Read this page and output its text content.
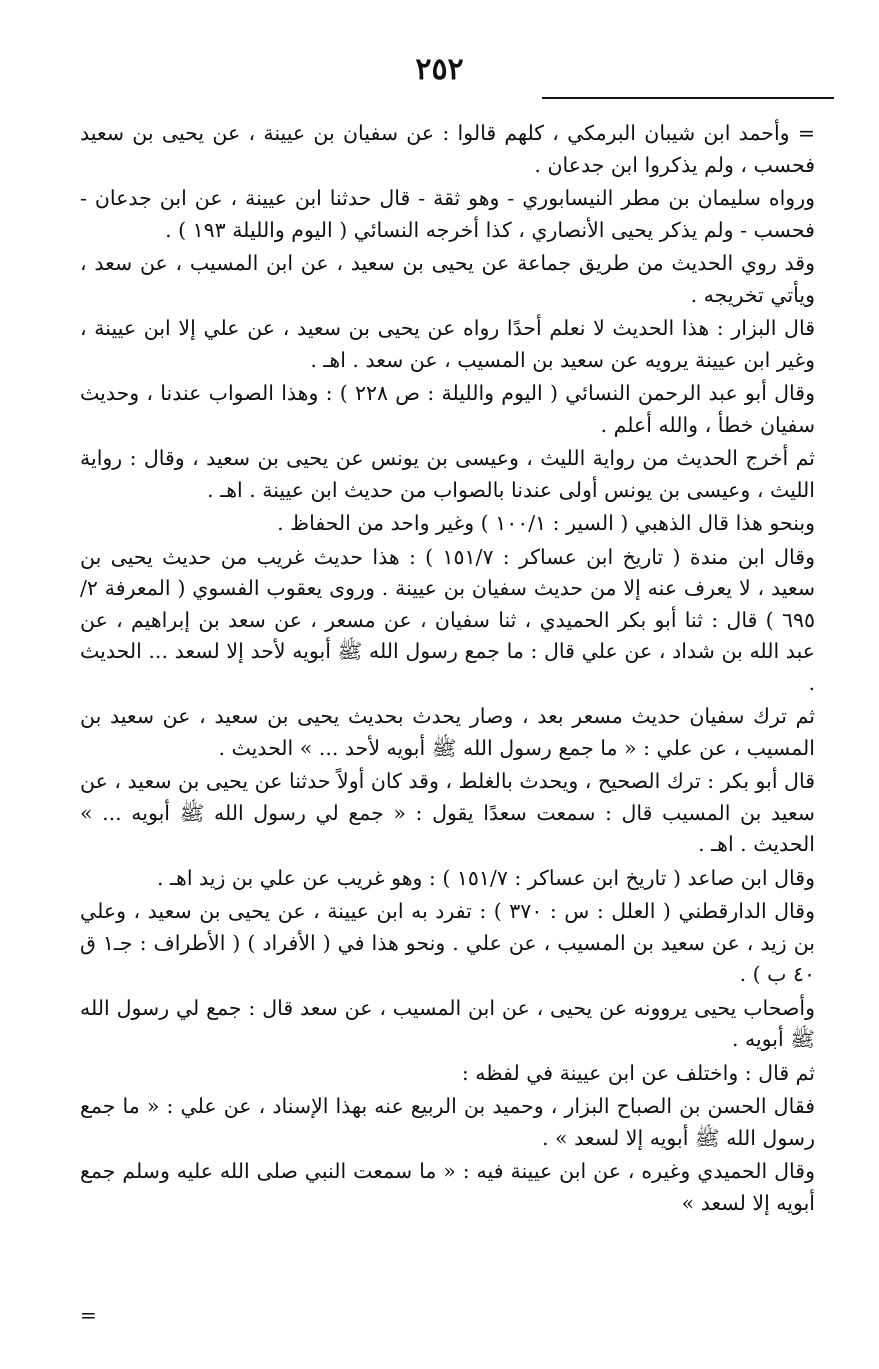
٢٥٢

= وأحمد ابن شيبان البرمكي ، كلهم قالوا : عن سفيان بن عيينة ، عن يحيى بن سعيد فحسب ، ولم يذكروا ابن جدعان .

ورواه سليمان بن مطر النيسابوري - وهو ثقة - قال حدثنا ابن عيينة ، عن ابن جدعان - فحسب - ولم يذكر يحيى الأنصاري ، كذا أخرجه النسائي ( اليوم والليلة ١٩٣ ) .

وقد روي الحديث من طريق جماعة عن يحيى بن سعيد ، عن ابن المسيب ، عن سعد ، ويأتي تخريجه .

قال البزار : هذا الحديث لا نعلم أحدًا رواه عن يحيى بن سعيد ، عن علي إلا ابن عيينة ، وغير ابن عيينة يرويه عن سعيد بن المسيب ، عن سعد . اهـ .

وقال أبو عبد الرحمن النسائي ( اليوم والليلة : ص ٢٢٨ ) : وهذا الصواب عندنا ، وحديث سفيان خطأ ، والله أعلم .

ثم أخرج الحديث من رواية الليث ، وعيسى بن يونس عن يحيى بن سعيد ، وقال : رواية الليث ، وعيسى بن يونس أولى عندنا بالصواب من حديث ابن عيينة . اهـ .

وبنحو هذا قال الذهبي ( السير : ١٠٠/١ ) وغير واحد من الحفاظ .

وقال ابن مندة ( تاريخ ابن عساكر : ١٥١/٧ ) : هذا حديث غريب من حديث يحيى بن سعيد ، لا يعرف عنه إلا من حديث سفيان بن عيينة . وروى يعقوب الفسوي ( المعرفة ٢/ ٦٩٥ ) قال : ثنا أبو بكر الحميدي ، ثنا سفيان ، عن مسعر ، عن سعد بن إبراهيم ، عن عبد الله بن شداد ، عن علي قال : ما جمع رسول الله ﷺ أبويه لأحد إلا لسعد ... الحديث .

ثم ترك سفيان حديث مسعر بعد ، وصار يحدث بحديث يحيى بن سعيد ، عن سعيد بن المسيب ، عن علي : « ما جمع رسول الله ﷺ أبويه لأحد ... » الحديث .

قال أبو بكر : ترك الصحيح ، ويحدث بالغلط ، وقد كان أولاً حدثنا عن يحيى بن سعيد ، عن سعيد بن المسيب قال : سمعت سعدًا يقول : « جمع لي رسول الله ﷺ أبويه ... » الحديث . اهـ .

وقال ابن صاعد ( تاريخ ابن عساكر : ١٥١/٧ ) : وهو غريب عن علي بن زيد اهـ .

وقال الدارقطني ( العلل : س : ٣٧٠ ) : تفرد به ابن عيينة ، عن يحيى بن سعيد ، وعلي بن زيد ، عن سعيد بن المسيب ، عن علي . ونحو هذا في ( الأفراد ) ( الأطراف : جـ١ ق ٤٠ ب ) .

وأصحاب يحيى يروونه عن يحيى ، عن ابن المسيب ، عن سعد قال : جمع لي رسول الله ﷺ أبويه .

ثم قال : واختلف عن ابن عيينة في لفظه :

فقال الحسن بن الصباح البزار ، وحميد بن الربيع عنه بهذا الإسناد ، عن علي : « ما جمع رسول الله ﷺ أبويه إلا لسعد » .

وقال الحميدي وغيره ، عن ابن عيينة فيه : « ما سمعت النبي صلى الله عليه وسلم جمع أبويه إلا لسعد »

=
